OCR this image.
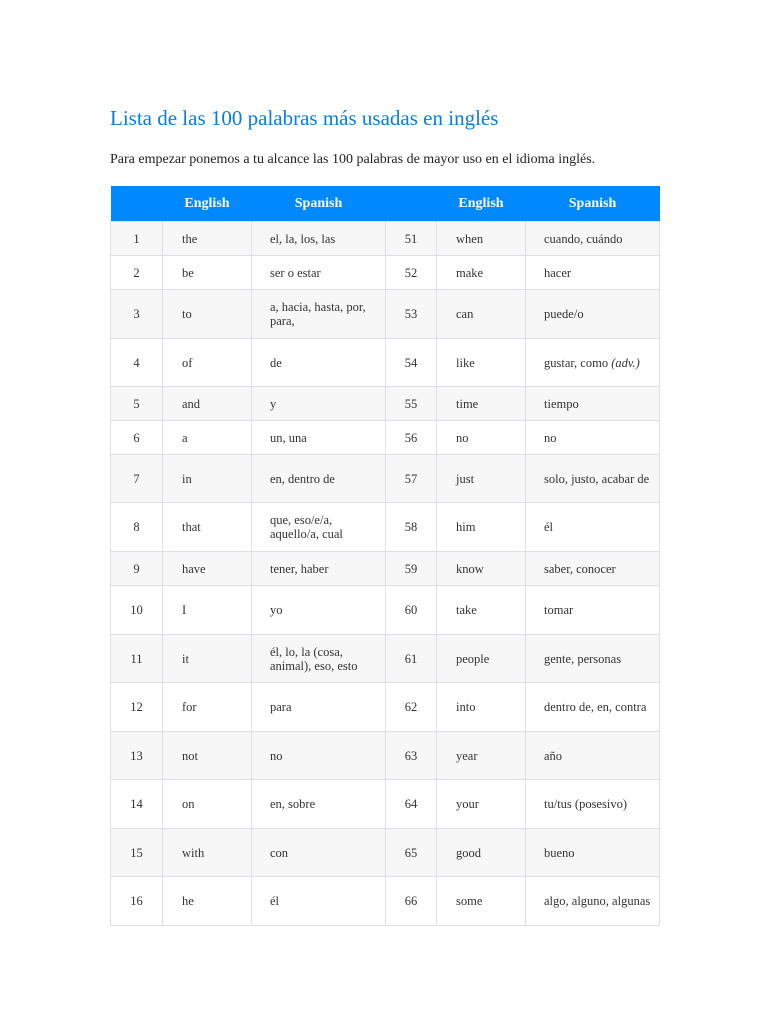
Lista de las 100 palabras más usadas en inglés

Para empezar ponemos a tu alcance las 100 palabras de mayor uso en el idioma inglés.

	English	Spanish		English	Spanish
1	the	el, la, los, las	51	when	cuando, cuándo
2	be	ser o estar	52	make	hacer
3	to	a, hacia, hasta, por, para,	53	can	puede/o
4	of	de	54	like	gustar, como (adv.)
5	and	y	55	time	tiempo
6	a	un, una	56	no	no
7	in	en, dentro de	57	just	solo, justo, acabar de
8	that	que, eso/e/a, aquello/a, cual	58	him	él
9	have	tener, haber	59	know	saber, conocer
10	I	yo	60	take	tomar
11	it	él, lo, la (cosa, animal), eso, esto	61	people	gente, personas
12	for	para	62	into	dentro de, en, contra
13	not	no	63	year	año
14	on	en, sobre	64	your	tu/tus (posesivo)
15	with	con	65	good	bueno
16	he	él	66	some	algo, alguno, algunas
